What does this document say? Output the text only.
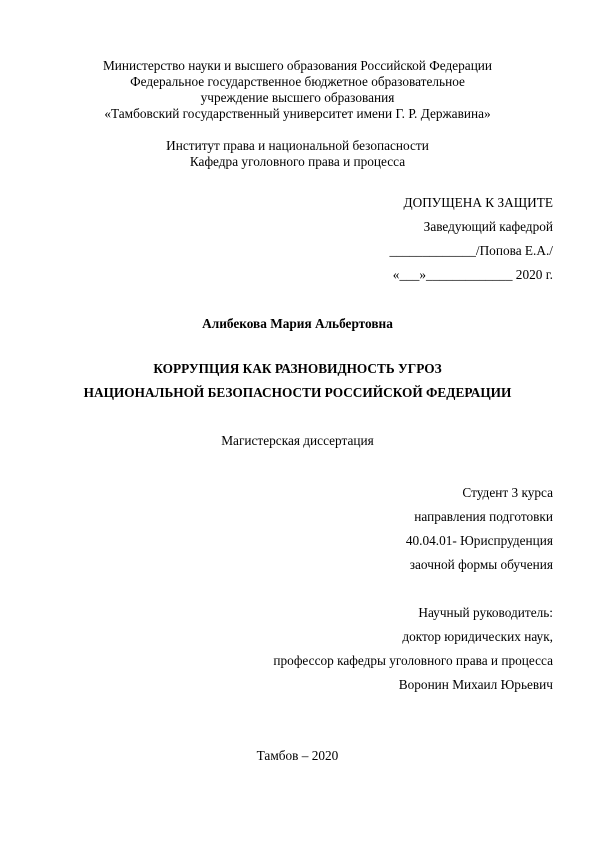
Министерство науки и высшего образования Российской Федерации
Федеральное государственное бюджетное образовательное
учреждение высшего образования
«Тамбовский государственный университет имени Г. Р. Державина»
Институт права и национальной безопасности
Кафедра уголовного права и процесса
ДОПУЩЕНА К ЗАЩИТЕ
Заведующий кафедрой
_____________/Попова Е.А./
«___»_____________ 2020 г.
Алибекова Мария Альбертовна
КОРРУПЦИЯ КАК РАЗНОВИДНОСТЬ УГРОЗ
НАЦИОНАЛЬНОЙ БЕЗОПАСНОСТИ РОССИЙСКОЙ ФЕДЕРАЦИИ
Магистерская диссертация
Студент 3 курса
направления подготовки
40.04.01- Юриспруденция
заочной формы обучения
Научный руководитель:
доктор юридических наук,
профессор кафедры уголовного права и процесса
Воронин Михаил Юрьевич
Тамбов – 2020
